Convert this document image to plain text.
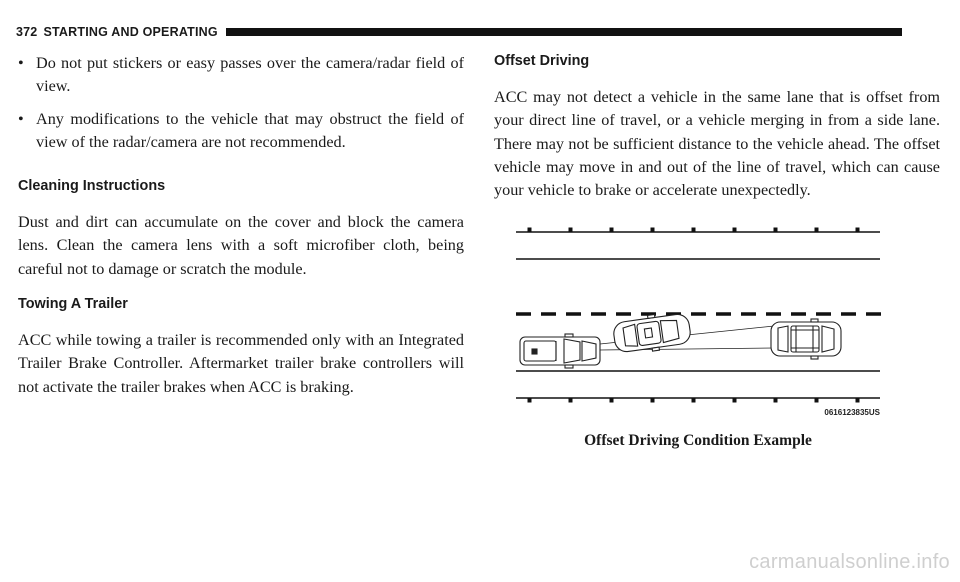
372 STARTING AND OPERATING
• Do not put stickers or easy passes over the camera/radar field of view.
• Any modifications to the vehicle that may obstruct the field of view of the radar/camera are not recommended.
Cleaning Instructions

Dust and dirt can accumulate on the cover and block the camera lens. Clean the camera lens with a soft microfiber cloth, being careful not to damage or scratch the module.

Towing A Trailer

ACC while towing a trailer is recommended only with an Integrated Trailer Brake Controller. Aftermarket trailer brake controllers will not activate the trailer brakes when ACC is braking.

Offset Driving

ACC may not detect a vehicle in the same lane that is offset from your direct line of travel, or a vehicle merging in from a side lane. There may not be sufficient distance to the vehicle ahead. The offset vehicle may move in and out of the line of travel, which can cause your vehicle to brake or accelerate unexpectedly.

0616123835US
Offset Driving Condition Example
carmanualsonline.info
